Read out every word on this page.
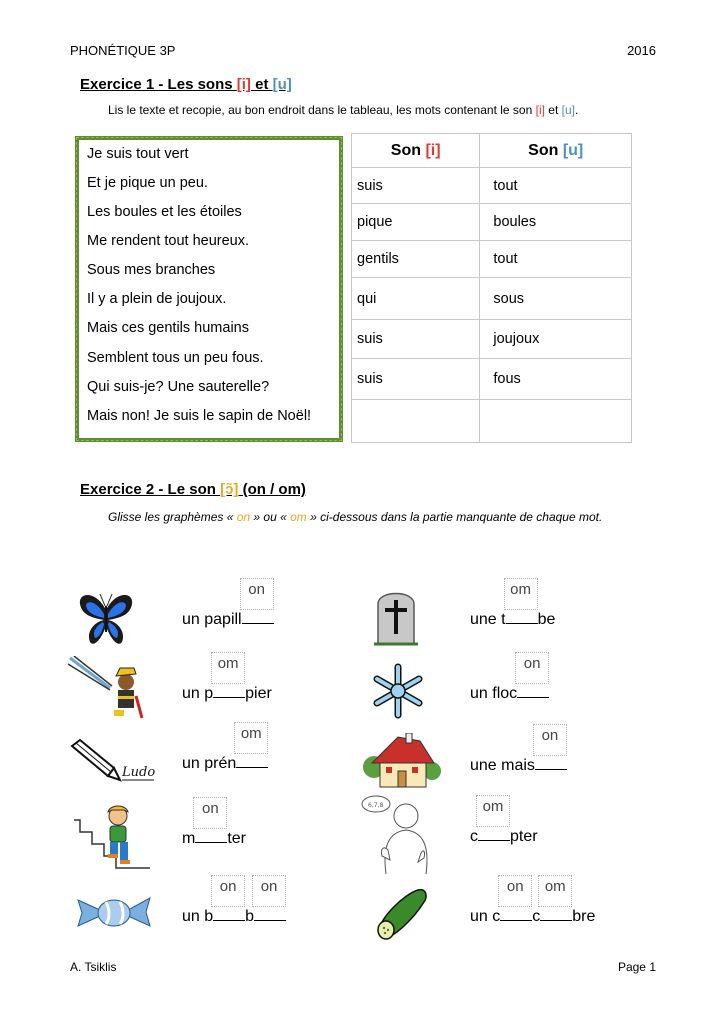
PHONÉTIQUE 3P	2016
Exercice 1 - Les sons [i] et [u]
Lis le texte et recopie, au bon endroit dans le tableau, les mots contenant le son [i] et [u].
Je suis tout vert
Et je pique un peu.
Les boules et les étoiles
Me rendent tout heureux.
Sous mes branches
Il y a plein de joujoux.
Mais ces gentils humains
Semblent tous un peu fous.
Qui suis-je? Une sauterelle?
Mais non! Je suis le sapin de Noël!
Son [i]	Son [u]
suis	tout
pique	boules
gentils	tout
qui	sous
suis	joujoux
suis	fous

Exercice 2 - Le son [ɔ̃] (on / om)
Glisse les graphèmes « on » ou « om » ci-dessous dans la partie manquante de chaque mot.
un papill
on
une t
om
be
un p
om
pier	un floc
on
Ludo
un prén
om
une mais
on
m
on
ter
6,7,8
c
om
pter
un b
on
b
on
un c
on
c
om
bre
A. Tsiklis	Page 1
